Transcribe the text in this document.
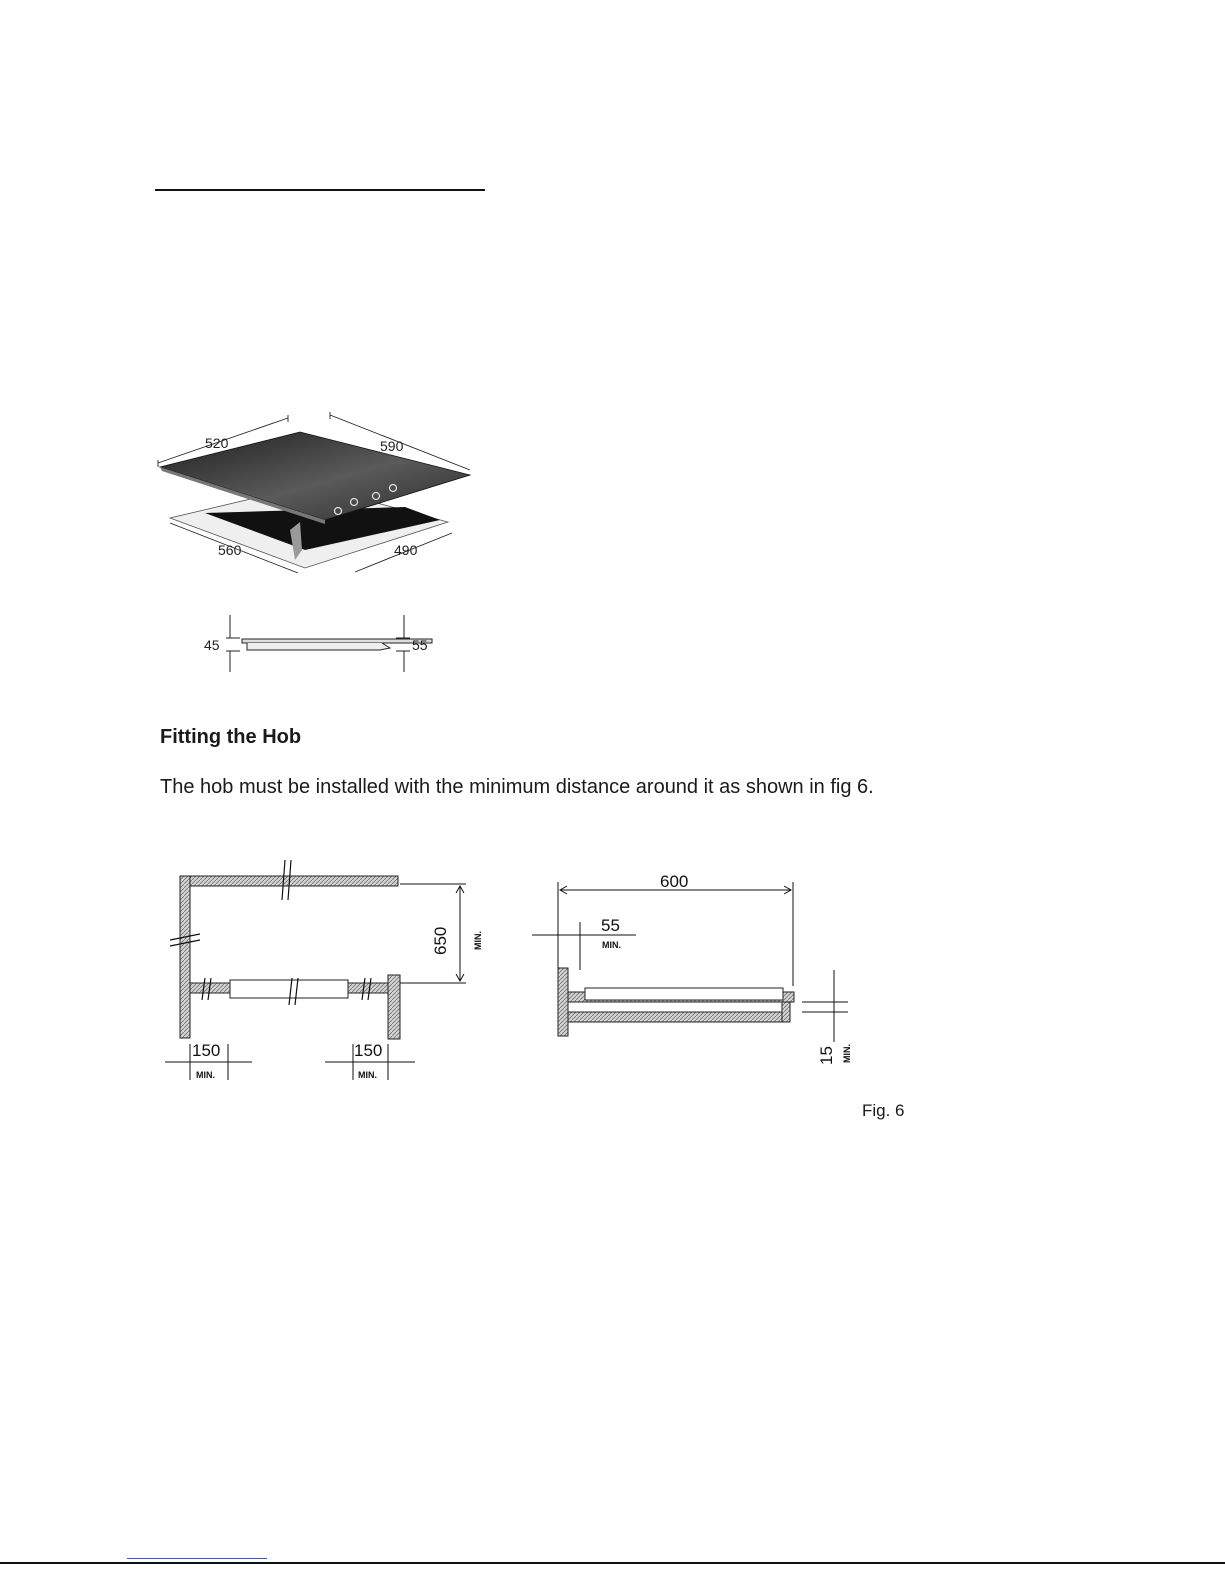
520	590
560	490
45	55
Fitting the Hob
The hob must be installed with the minimum distance around it as shown in fig 6.
650	MIN.
150
MIN.
150
MIN.
600
55
MIN.
15 MIN.
Fig. 6
